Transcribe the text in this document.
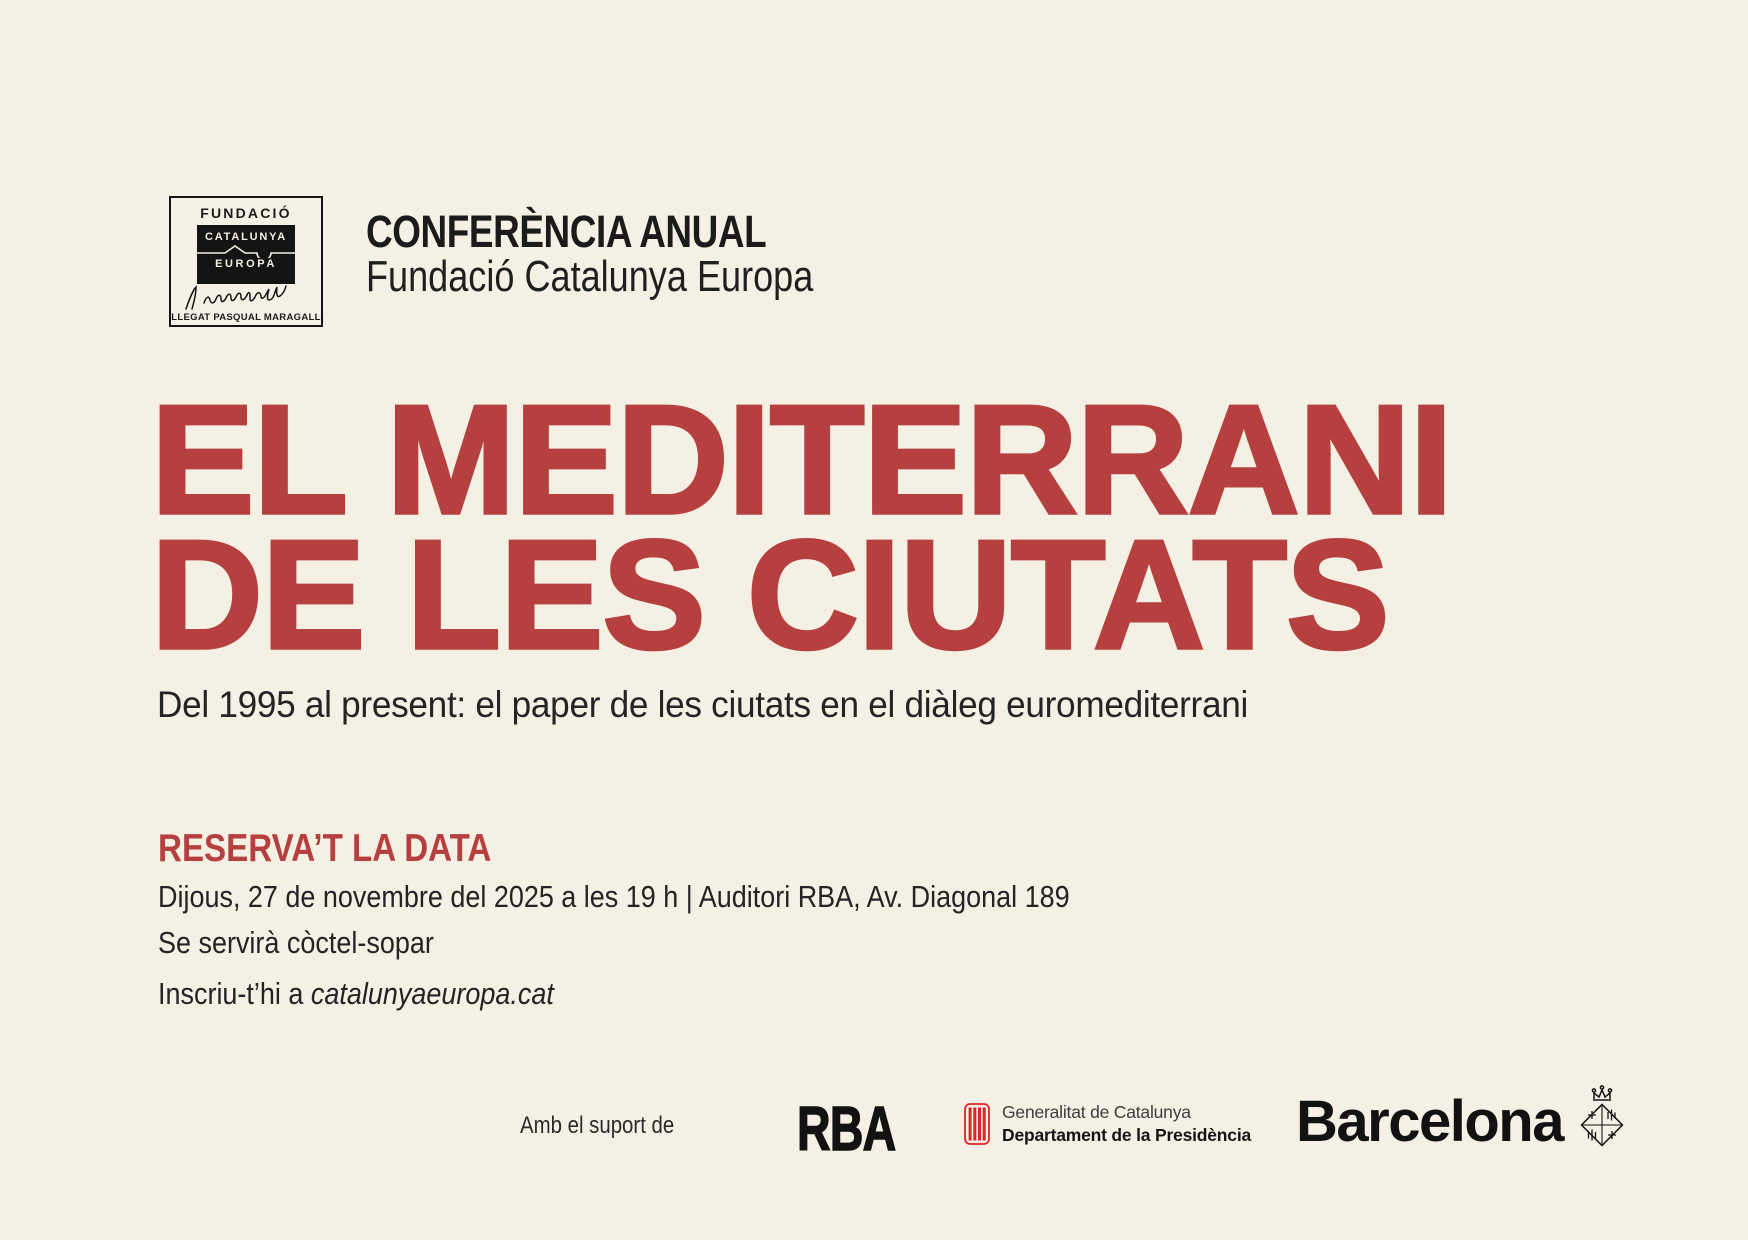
FUNDACIÓ
CATALUNYA
EUROPA
LLEGAT PASQUAL MARAGALL
CONFERÈNCIA ANUAL
Fundació Catalunya Europa
EL MEDITERRANI
DE LES CIUTATS

Del 1995 al present: el paper de les ciutats en el diàleg euromediterrani

RESERVA’T LA DATA
Dijous, 27 de novembre del 2025 a les 19 h | Auditori RBA, Av. Diagonal 189
Se servirà còctel-sopar
Inscriu-t’hi a catalunyaeuropa.cat
Amb el suport de RBA	Generalitat de Catalunya
Departament de la Presidència Barcelona
